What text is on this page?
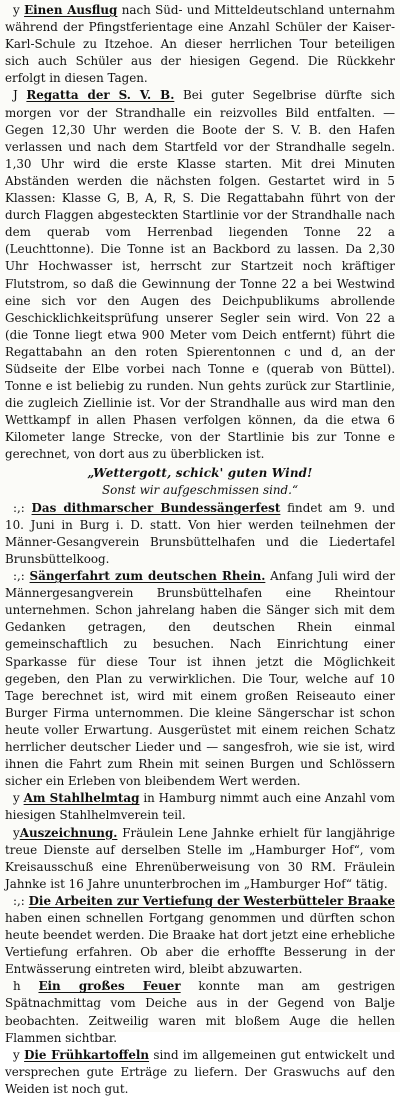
y Einen Ausflug nach Süd- und Mitteldeutschland unternahm während der Pfingstferientage eine Anzahl Schüler der Kaiser-Karl-Schule zu Itzehoe. An dieser herrlichen Tour beteiligen sich auch Schüler aus der hiesigen Gegend. Die Rückkehr erfolgt in diesen Tagen.

J Regatta der S. V. B. Bei guter Segelbrise dürfte sich morgen vor der Strandhalle ein reizvolles Bild entfalten. — Gegen 12,30 Uhr werden die Boote der S. V. B. den Hafen verlassen und nach dem Startfeld vor der Strandhalle segeln. 1,30 Uhr wird die erste Klasse starten. Mit drei Minuten Abständen werden die nächsten folgen. Gestartet wird in 5 Klassen: Klasse G, B, A, R, S. Die Regattabahn führt von der durch Flaggen abgesteckten Startlinie vor der Strandhalle nach dem querab vom Herrenbad liegenden Tonne 22 a (Leuchttonne). Die Tonne ist an Backbord zu lassen. Da 2,30 Uhr Hochwasser ist, herrscht zur Startzeit noch kräftiger Flutstrom, so daß die Gewinnung der Tonne 22 a bei Westwind eine sich vor den Augen des Deichpublikums abrollende Geschicklichkeitsprüfung unserer Segler sein wird. Von 22 a (die Tonne liegt etwa 900 Meter vom Deich entfernt) führt die Regattabahn an den roten Spierentonnen c und d, an der Südseite der Elbe vorbei nach Tonne e (querab von Büttel). Tonne e ist beliebig zu runden. Nun gehts zurück zur Startlinie, die zugleich Ziellinie ist. Vor der Strandhalle aus wird man den Wettkampf in allen Phasen verfolgen können, da die etwa 6 Kilometer lange Strecke, von der Startlinie bis zur Tonne e gerechnet, von dort aus zu überblicken ist.

„Wettergott, schick' guten Wind!
Sonst wir aufgeschmissen sind.“

:,: Das dithmarscher Bundessängerfest findet am 9. und 10. Juni in Burg i. D. statt. Von hier werden teilnehmen der Männer-Gesangverein Brunsbüttelhafen und die Liedertafel Brunsbüttelkoog.

:,: Sängerfahrt zum deutschen Rhein. Anfang Juli wird der Männergesangverein Brunsbüttelhafen eine Rheintour unternehmen. Schon jahrelang haben die Sänger sich mit dem Gedanken getragen, den deutschen Rhein einmal gemeinschaftlich zu besuchen. Nach Einrichtung einer Sparkasse für diese Tour ist ihnen jetzt die Möglichkeit gegeben, den Plan zu verwirklichen. Die Tour, welche auf 10 Tage berechnet ist, wird mit einem großen Reiseauto einer Burger Firma unternommen. Die kleine Sängerschar ist schon heute voller Erwartung. Ausgerüstet mit einem reichen Schatz herrlicher deutscher Lieder und — sangesfroh, wie sie ist, wird ihnen die Fahrt zum Rhein mit seinen Burgen und Schlössern sicher ein Erleben von bleibendem Wert werden.

y Am Stahlhelmtag in Hamburg nimmt auch eine Anzahl vom hiesigen Stahlhelmverein teil.

yAuszeichnung. Fräulein Lene Jahnke erhielt für langjährige treue Dienste auf derselben Stelle im „Hamburger Hof“, vom Kreisausschuß eine Ehrenüberweisung von 30 RM. Fräulein Jahnke ist 16 Jahre ununterbrochen im „Hamburger Hof“ tätig.

:,: Die Arbeiten zur Vertiefung der Westerbütteler Braake haben einen schnellen Fortgang genommen und dürften schon heute beendet werden. Die Braake hat dort jetzt eine erhebliche Vertiefung erfahren. Ob aber die erhoffte Besserung in der Entwässerung eintreten wird, bleibt abzuwarten.

h Ein großes Feuer konnte man am gestrigen Spätnachmittag vom Deiche aus in der Gegend von Balje beobachten. Zeitweilig waren mit bloßem Auge die hellen Flammen sichtbar.

y Die Frühkartoffeln sind im allgemeinen gut entwickelt und versprechen gute Erträge zu liefern. Der Graswuchs auf den Weiden ist noch gut.
